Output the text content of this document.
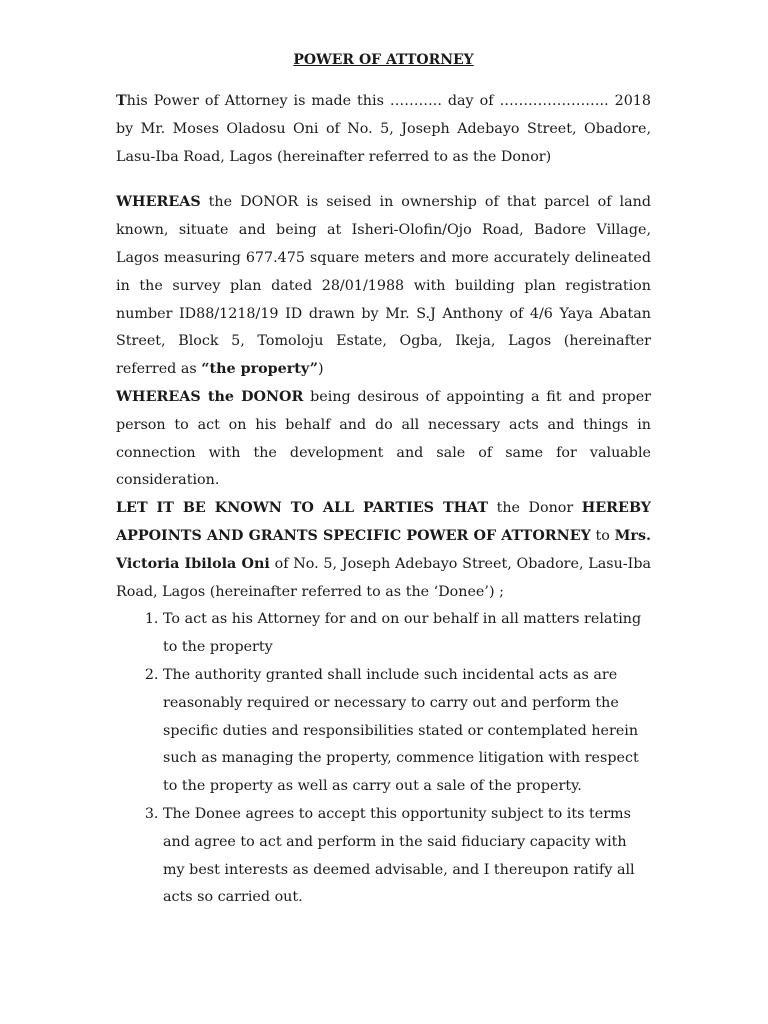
POWER OF ATTORNEY

This Power of Attorney is made this ……….. day of ………………….. 2018 by Mr. Moses Oladosu Oni of No. 5, Joseph Adebayo Street, Obadore, Lasu-Iba Road, Lagos (hereinafter referred to as the Donor)

WHEREAS the DONOR is seised in ownership of that parcel of land known, situate and being at Isheri-Olofin/Ojo Road, Badore Village, Lagos measuring 677.475 square meters and more accurately delineated in the survey plan dated 28/01/1988 with building plan registration number ID88/1218/19 ID drawn by Mr. S.J Anthony of 4/6 Yaya Abatan Street, Block 5, Tomoloju Estate, Ogba, Ikeja, Lagos (hereinafter referred as “the property”)

WHEREAS the DONOR being desirous of appointing a fit and proper person to act on his behalf and do all necessary acts and things in connection with the development and sale of same for valuable consideration.

LET IT BE KNOWN TO ALL PARTIES THAT the Donor HEREBY APPOINTS AND GRANTS SPECIFIC POWER OF ATTORNEY to Mrs. Victoria Ibilola Oni of No. 5, Joseph Adebayo Street, Obadore, Lasu-Iba Road, Lagos (hereinafter referred to as the ‘Donee’) ;

1. To act as his Attorney for and on our behalf in all matters relating to the property
2. The authority granted shall include such incidental acts as are reasonably required or necessary to carry out and perform the specific duties and responsibilities stated or contemplated herein such as managing the property, commence litigation with respect to the property as well as carry out a sale of the property.
3. The Donee agrees to accept this opportunity subject to its terms and agree to act and perform in the said fiduciary capacity with my best interests as deemed advisable, and I thereupon ratify all acts so carried out.
